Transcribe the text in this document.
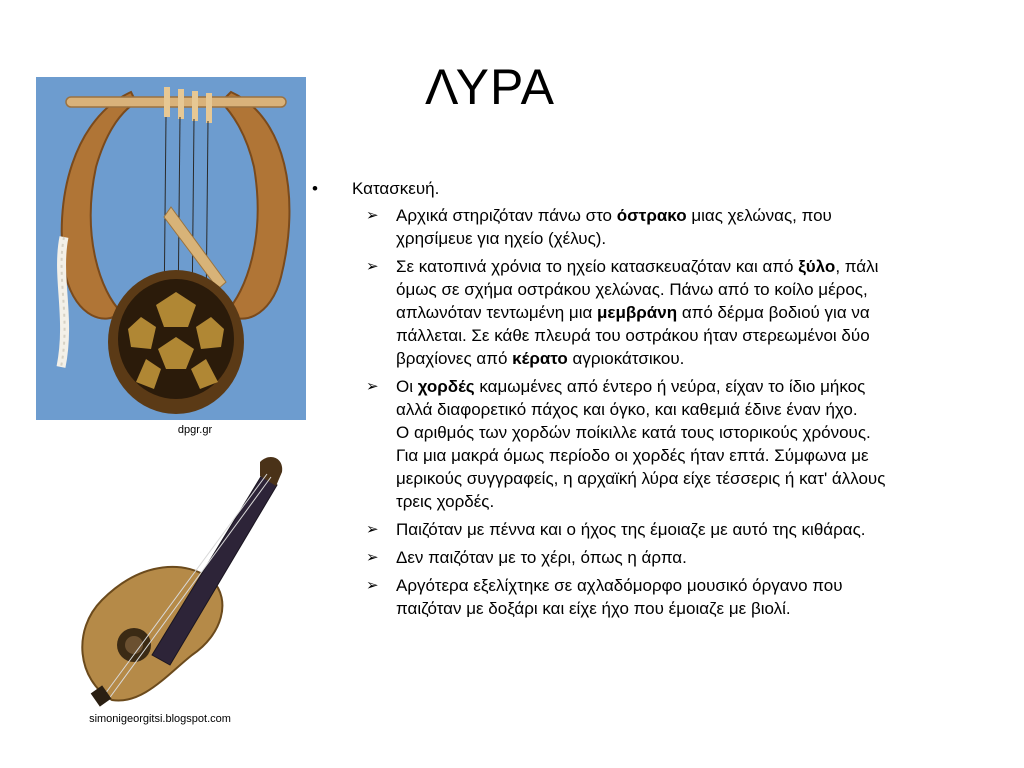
ΛΥΡΑ
dpgr.gr
simonigeorgitsi.blogspot.com
• Κατασκευή.
➢ Αρχικά στηριζόταν πάνω στο όστρακο μιας χελώνας, που
χρησίμευε για ηχείο (χέλυς).
➢ Σε κατοπινά χρόνια το ηχείο κατασκευαζόταν και από ξύλο, πάλι
όμως σε σχήμα οστράκου χελώνας. Πάνω από το κοίλο μέρος,
απλωνόταν τεντωμένη μια μεμβράνη από δέρμα βοδιού για να
πάλλεται. Σε κάθε πλευρά του οστράκου ήταν στερεωμένοι δύο
βραχίονες από κέρατο αγριοκάτσικου.
➢ Οι χορδές καμωμένες από έντερο ή νεύρα, είχαν το ίδιο μήκος
αλλά διαφορετικό πάχος και όγκο, και καθεμιά έδινε έναν ήχο.
Ο αριθμός των χορδών ποίκιλλε κατά τους ιστορικούς χρόνους.
Για μια μακρά όμως περίοδο οι χορδές ήταν επτά. Σύμφωνα με
μερικούς συγγραφείς, η αρχαϊκή λύρα είχε τέσσερις ή κατ' άλλους
τρεις χορδές.
➢ Παιζόταν με πέννα και ο ήχος της έμοιαζε με αυτό της κιθάρας.
➢ Δεν παιζόταν με το χέρι, όπως η άρπα.
➢ Αργότερα εξελίχτηκε σε αχλαδόμορφο μουσικό όργανο που
παιζόταν με δοξάρι και είχε ήχο που έμοιαζε με βιολί.
